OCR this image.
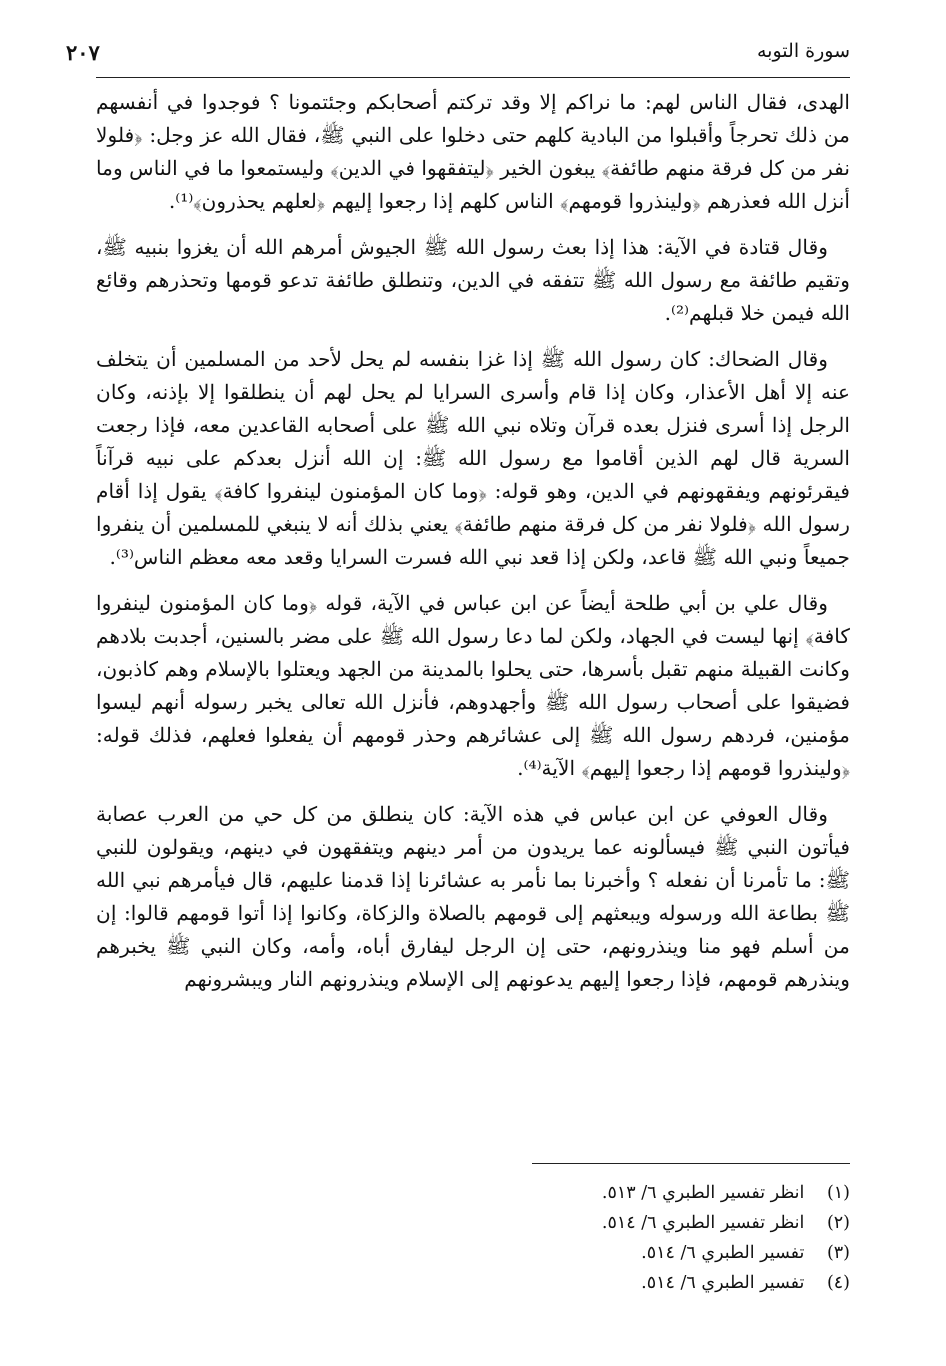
سورة التوبه
٢٠٧

الهدى، فقال الناس لهم: ما نراكم إلا وقد تركتم أصحابكم وجئتمونا ؟ فوجدوا في أنفسهم من ذلك تحرجاً وأقبلوا من البادية كلهم حتى دخلوا على النبي ﷺ، فقال الله عز وجل: ﴿فلولا نفر من كل فرقة منهم طائفة﴾ يبغون الخير ﴿ليتفقهوا في الدين﴾ وليستمعوا ما في الناس وما أنزل الله فعذرهم ﴿ولينذروا قومهم﴾ الناس كلهم إذا رجعوا إليهم ﴿لعلهم يحذرون﴾⁽¹⁾.

وقال قتادة في الآية: هذا إذا بعث رسول الله ﷺ الجيوش أمرهم الله أن يغزوا بنبيه ﷺ، وتقيم طائفة مع رسول الله ﷺ تتفقه في الدين، وتنطلق طائفة تدعو قومها وتحذرهم وقائع الله فيمن خلا قبلهم⁽²⁾.

وقال الضحاك: كان رسول الله ﷺ إذا غزا بنفسه لم يحل لأحد من المسلمين أن يتخلف عنه إلا أهل الأعذار، وكان إذا قام وأسرى السرايا لم يحل لهم أن ينطلقوا إلا بإذنه، وكان الرجل إذا أسرى فنزل بعده قرآن وتلاه نبي الله ﷺ على أصحابه القاعدين معه، فإذا رجعت السرية قال لهم الذين أقاموا مع رسول الله ﷺ: إن الله أنزل بعدكم على نبيه قرآناً فيقرئونهم ويفقهونهم في الدين، وهو قوله: ﴿وما كان المؤمنون لينفروا كافة﴾ يقول إذا أقام رسول الله ﴿فلولا نفر من كل فرقة منهم طائفة﴾ يعني بذلك أنه لا ينبغي للمسلمين أن ينفروا جميعاً ونبي الله ﷺ قاعد، ولكن إذا قعد نبي الله فسرت السرايا وقعد معه معظم الناس⁽³⁾.

وقال علي بن أبي طلحة أيضاً عن ابن عباس في الآية، قوله ﴿وما كان المؤمنون لينفروا كافة﴾ إنها ليست في الجهاد، ولكن لما دعا رسول الله ﷺ على مضر بالسنين، أجدبت بلادهم وكانت القبيلة منهم تقبل بأسرها، حتى يحلوا بالمدينة من الجهد ويعتلوا بالإسلام وهم كاذبون، فضيقوا على أصحاب رسول الله ﷺ وأجهدوهم، فأنزل الله تعالى يخبر رسوله أنهم ليسوا مؤمنين، فردهم رسول الله ﷺ إلى عشائرهم وحذر قومهم أن يفعلوا فعلهم، فذلك قوله: ﴿ولينذروا قومهم إذا رجعوا إليهم﴾ الآية⁽⁴⁾.

وقال العوفي عن ابن عباس في هذه الآية: كان ينطلق من كل حي من العرب عصابة فيأتون النبي ﷺ فيسألونه عما يريدون من أمر دينهم ويتفقهون في دينهم، ويقولون للنبي ﷺ: ما تأمرنا أن نفعله ؟ وأخبرنا بما نأمر به عشائرنا إذا قدمنا عليهم، قال فيأمرهم نبي الله ﷺ بطاعة الله ورسوله ويبعثهم إلى قومهم بالصلاة والزكاة، وكانوا إذا أتوا قومهم قالوا: إن من أسلم فهو منا وينذرونهم، حتى إن الرجل ليفارق أباه، وأمه، وكان النبي ﷺ يخبرهم وينذرهم قومهم، فإذا رجعوا إليهم يدعونهم إلى الإسلام وينذرونهم النار ويبشرونهم

(١) انظر تفسير الطبري ٦/ ٥١٣.
(٢) انظر تفسير الطبري ٦/ ٥١٤.
(٣) تفسير الطبري ٦/ ٥١٤.
(٤) تفسير الطبري ٦/ ٥١٤.
